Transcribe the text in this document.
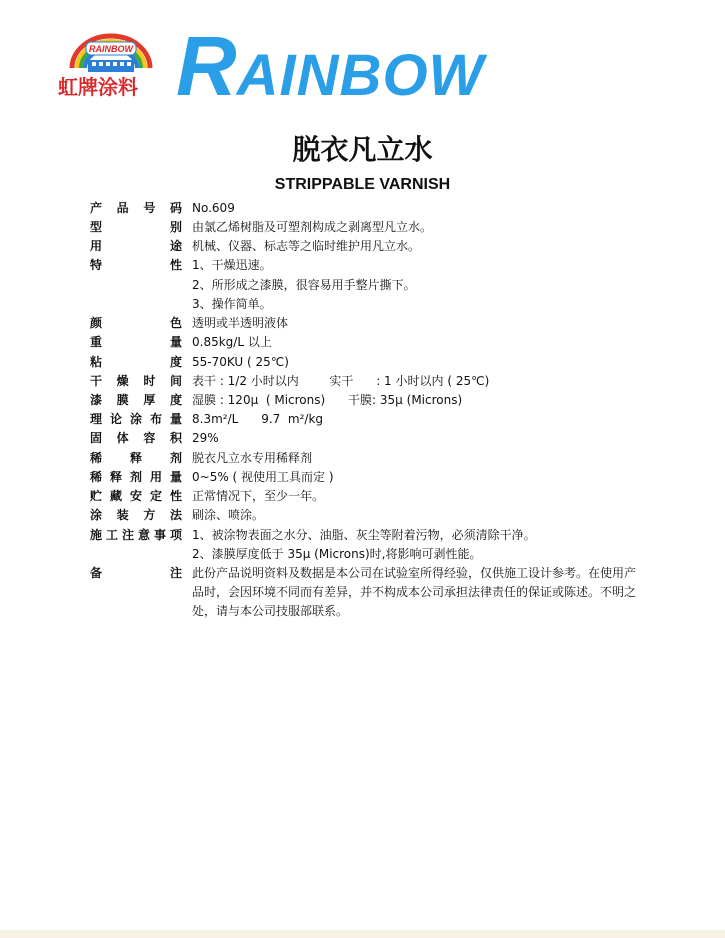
RAINBOW
虹牌涂料 RAINBOW
脱衣凡立水
STRIPPABLE VARNISH
产品号码 No.609
型别 由氯乙烯树脂及可塑剂构成之剥离型凡立水。
用途 机械、仪器、标志等之临时维护用凡立水。
特性 1、干燥迅速。
2、所形成之漆膜，很容易用手整片撕下。
3、操作简单。
颜色 透明或半透明液体
重量 0.85kg/L 以上
粘度 55-70KU ( 25℃)
干燥时间 表干 : 1/2 小时以内        实干      : 1 小时以内 ( 25℃)
漆膜厚度 湿膜 : 120μ  ( Microns)      干膜: 35μ (Microns)
理论涂布量 8.3m²/L      9.7  m²/kg
固体容积 29%
稀释剂 脱衣凡立水专用稀释剂
稀释剂用量 0~5% ( 视使用工具而定 )
贮藏安定性 正常情况下，至少一年。
涂装方法 刷涂、喷涂。
施工注意事项 1、被涂物表面之水分、油脂、灰尘等附着污物，必须清除干净。
2、漆膜厚度低于 35μ (Microns)时,将影响可剥性能。
备注 此份产品说明资料及数据是本公司在试验室所得经验，仅供施工设计参考。在使用产品时，会因环境不同而有差异，并不构成本公司承担法律责任的保证或陈述。不明之处，请与本公司技服部联系。
